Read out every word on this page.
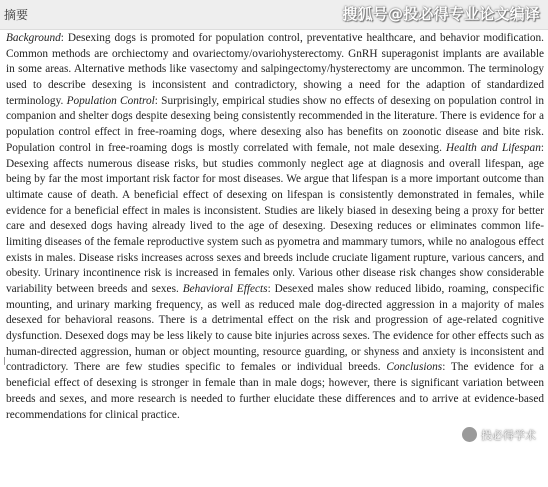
摘要	搜狐号@投必得专业论文编译

Background: Desexing dogs is promoted for population control, preventative healthcare, and behavior modification. Common methods are orchiectomy and ovariectomy/ovariohysterectomy. GnRH superagonist implants are available in some areas. Alternative methods like vasectomy and salpingectomy/hysterectomy are uncommon. The terminology used to describe desexing is inconsistent and contradictory, showing a need for the adaption of standardized terminology. Population Control: Surprisingly, empirical studies show no effects of desexing on population control in companion and shelter dogs despite desexing being consistently recommended in the literature. There is evidence for a population control effect in free-roaming dogs, where desexing also has benefits on zoonotic disease and bite risk. Population control in free-roaming dogs is mostly correlated with female, not male desexing. Health and Lifespan: Desexing affects numerous disease risks, but studies commonly neglect age at diagnosis and overall lifespan, age being by far the most important risk factor for most diseases. We argue that lifespan is a more important outcome than ultimate cause of death. A beneficial effect of desexing on lifespan is consistently demonstrated in females, while evidence for a beneficial effect in males is inconsistent. Studies are likely biased in desexing being a proxy for better care and desexed dogs having already lived to the age of desexing. Desexing reduces or eliminates common life-limiting diseases of the female reproductive system such as pyometra and mammary tumors, while no analogous effect exists in males. Disease risks increases across sexes and breeds include cruciate ligament rupture, various cancers, and obesity. Urinary incontinence risk is increased in females only. Various other disease risk changes show considerable variability between breeds and sexes. Behavioral Effects: Desexed males show reduced libido, roaming, conspecific mounting, and urinary marking frequency, as well as reduced male dog-directed aggression in a majority of males desexed for behavioral reasons. There is a detrimental effect on the risk and progression of age-related cognitive dysfunction. Desexed dogs may be less likely to cause bite injuries across sexes. The evidence for other effects such as human-directed aggression, human or object mounting, resource guarding, or shyness and anxiety is inconsistent and contradictory. There are few studies specific to females or individual breeds. Conclusions: The evidence for a beneficial effect of desexing is stronger in female than in male dogs; however, there is significant variation between breeds and sexes, and more research is needed to further elucidate these differences and to arrive at evidence-based recommendations for clinical practice.

投必得学术
